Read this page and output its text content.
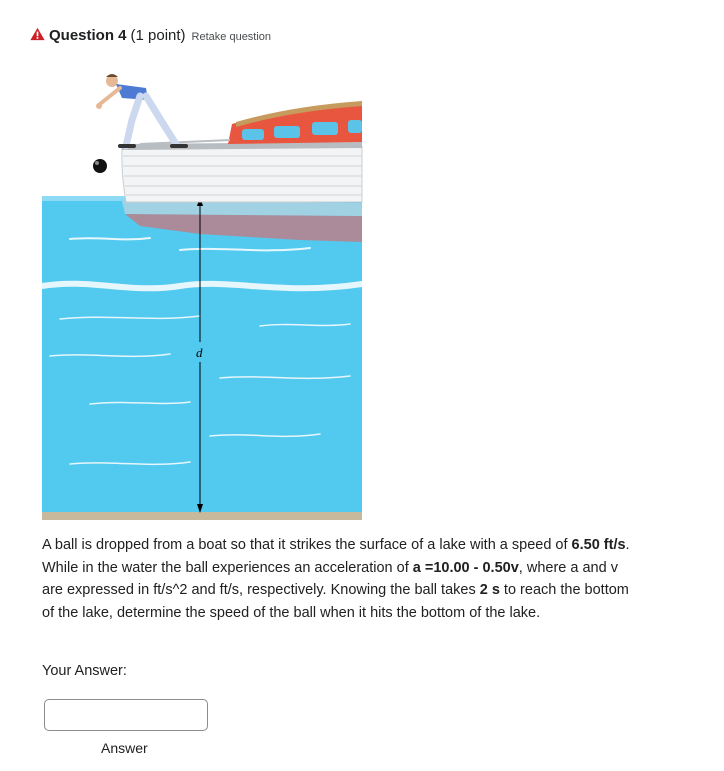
Question 4 (1 point) Retake question
d
A ball is dropped from a boat so that it strikes the surface of a lake with a speed of 6.50 ft/s. While in the water the ball experiences an acceleration of a =10.00 - 0.50v, where a and v are expressed in ft/s^2 and ft/s, respectively. Knowing the ball takes 2 s to reach the bottom of the lake, determine the speed of the ball when it hits the bottom of the lake.
Your Answer:
Answer
